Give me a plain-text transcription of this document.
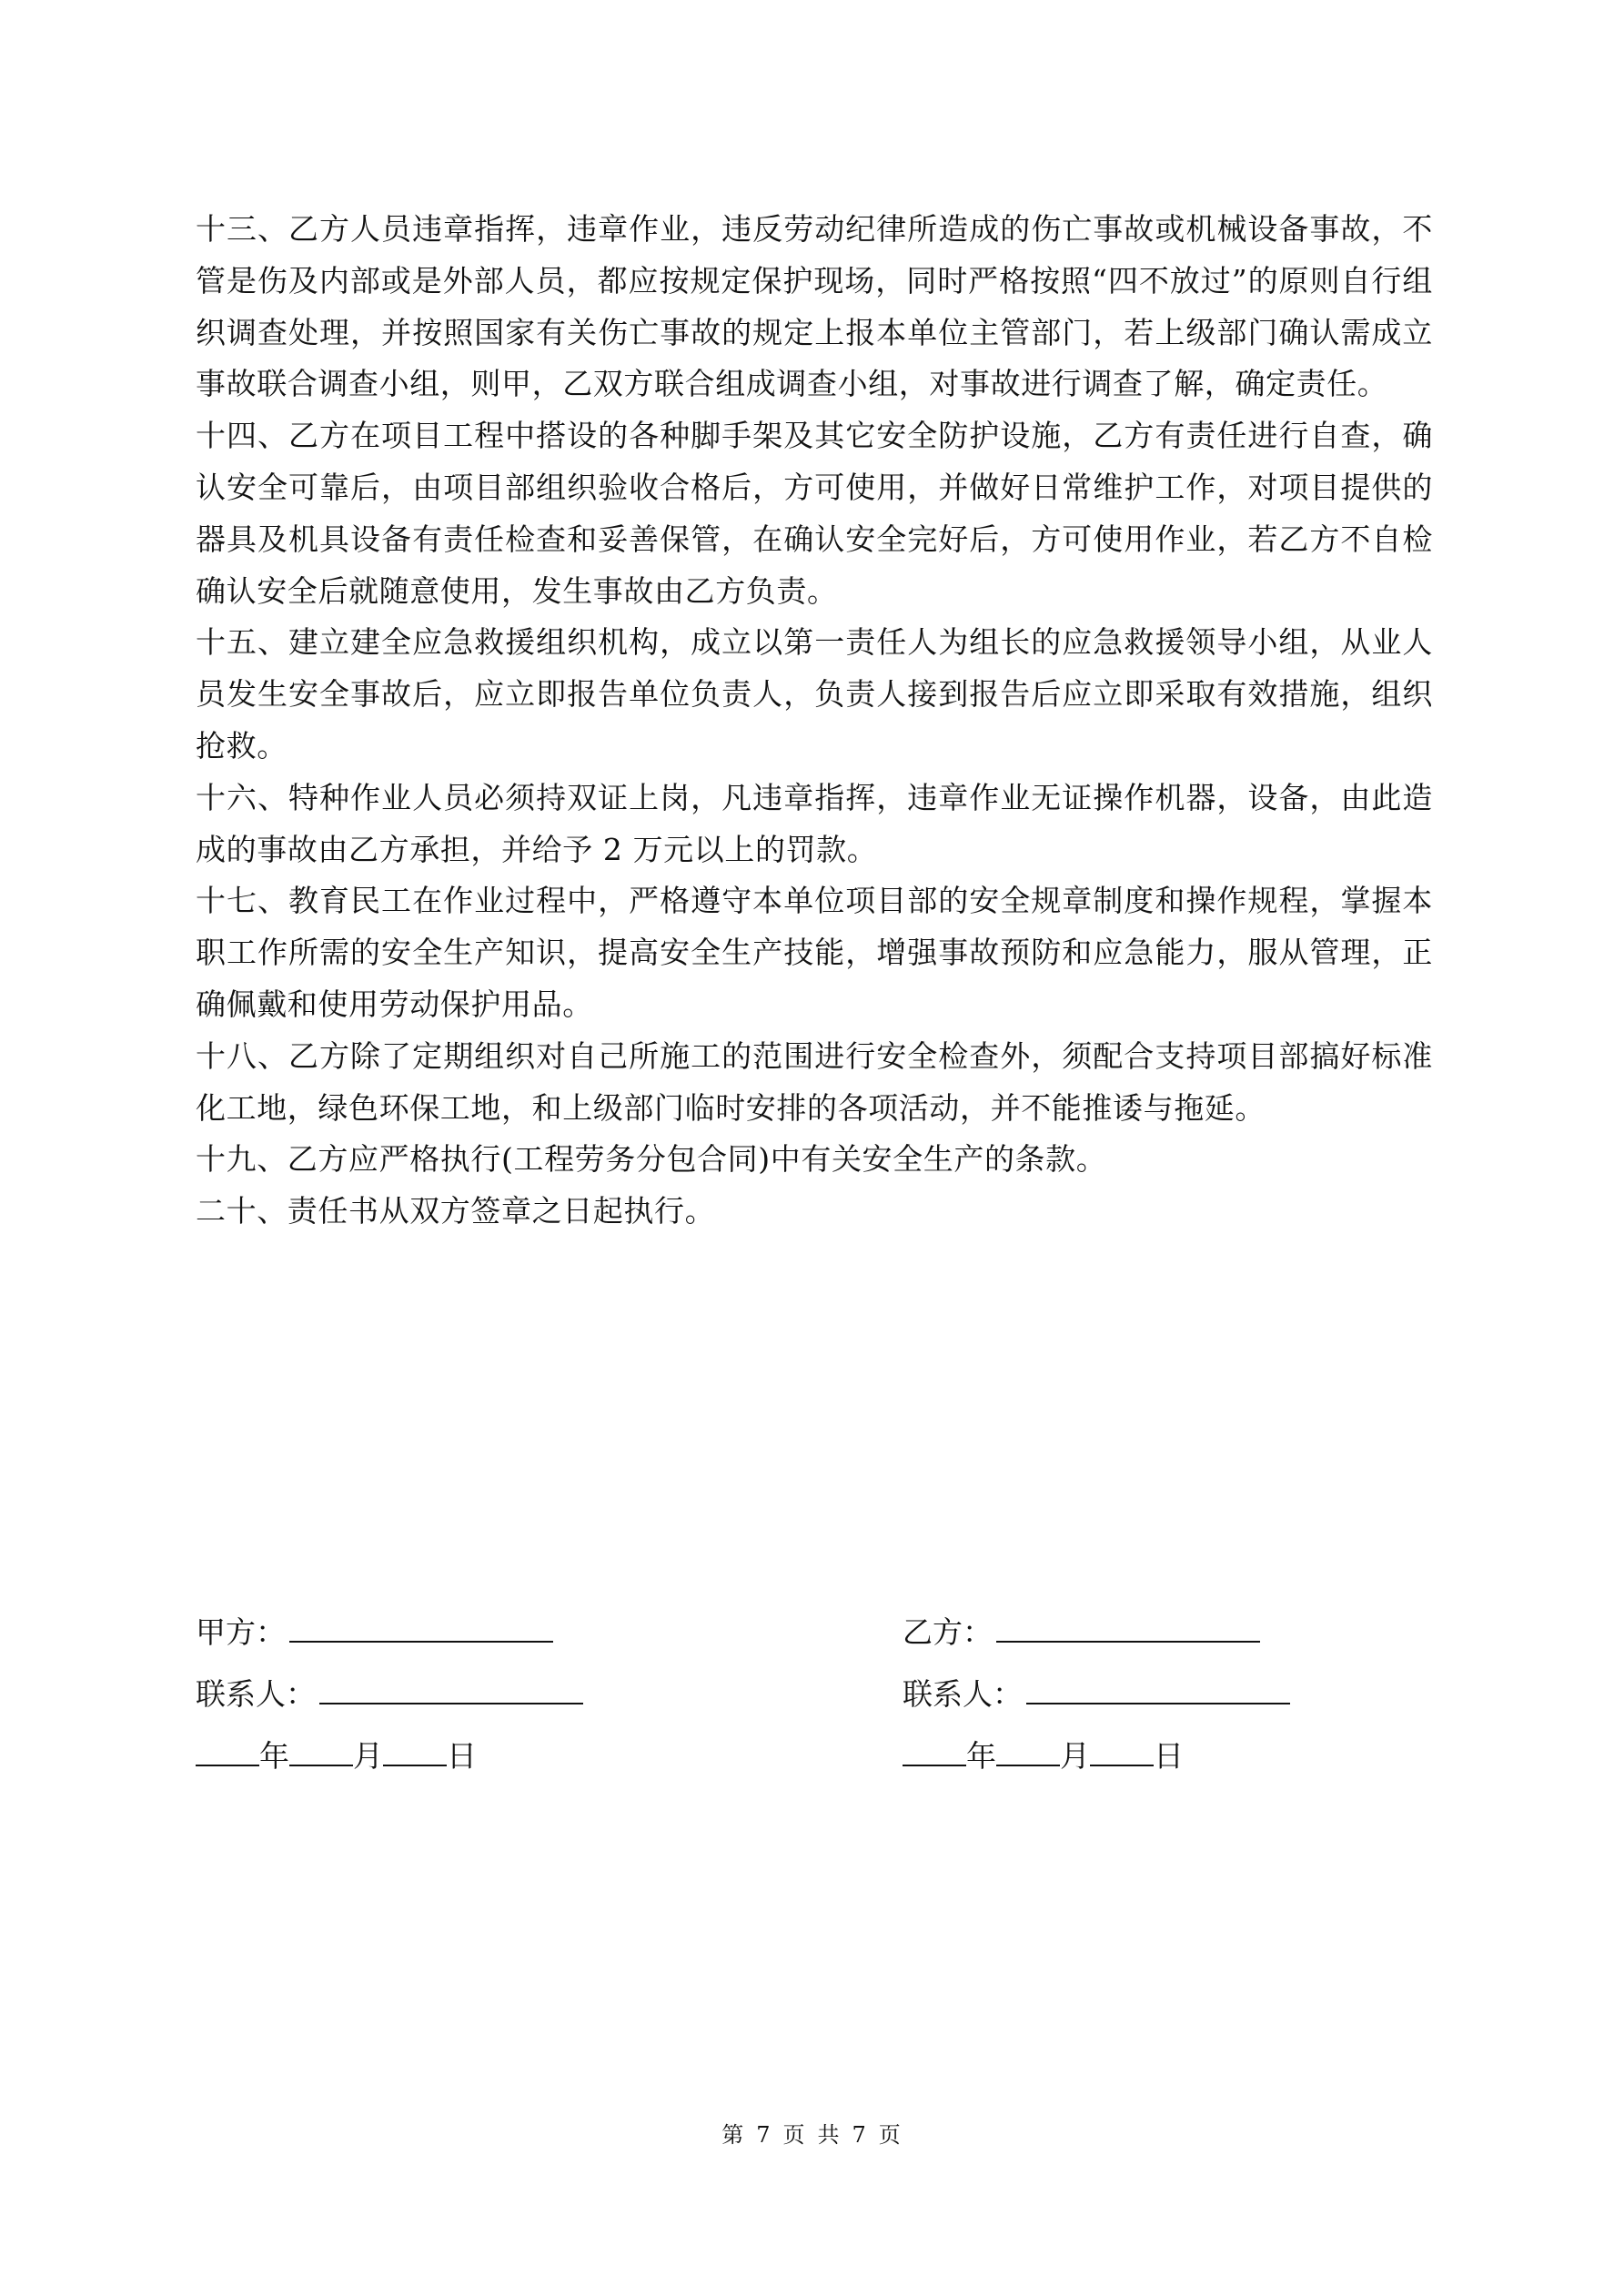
十三、乙方人员违章指挥，违章作业，违反劳动纪律所造成的伤亡事故或机械设备事故，不管是伤及内部或是外部人员，都应按规定保护现场，同时严格按照“四不放过”的原则自行组织调查处理，并按照国家有关伤亡事故的规定上报本单位主管部门，若上级部门确认需成立事故联合调查小组，则甲，乙双方联合组成调查小组，对事故进行调查了解，确定责任。

十四、乙方在项目工程中搭设的各种脚手架及其它安全防护设施，乙方有责任进行自查，确认安全可靠后，由项目部组织验收合格后，方可使用，并做好日常维护工作，对项目提供的器具及机具设备有责任检查和妥善保管，在确认安全完好后，方可使用作业，若乙方不自检确认安全后就随意使用，发生事故由乙方负责。

十五、建立建全应急救援组织机构，成立以第一责任人为组长的应急救援领导小组，从业人员发生安全事故后，应立即报告单位负责人，负责人接到报告后应立即采取有效措施，组织抢救。

十六、特种作业人员必须持双证上岗，凡违章指挥，违章作业无证操作机器，设备，由此造成的事故由乙方承担，并给予 2 万元以上的罚款。

十七、教育民工在作业过程中，严格遵守本单位项目部的安全规章制度和操作规程，掌握本职工作所需的安全生产知识，提高安全生产技能，增强事故预防和应急能力，服从管理，正确佩戴和使用劳动保护用品。

十八、乙方除了定期组织对自己所施工的范围进行安全检查外，须配合支持项目部搞好标准化工地，绿色环保工地，和上级部门临时安排的各项活动，并不能推诿与拖延。

十九、乙方应严格执行(工程劳务分包合同)中有关安全生产的条款。

二十、责任书从双方签章之日起执行。

甲方：
联系人：
年 月 日
乙方：
联系人：
年 月 日
第 7 页 共 7 页
